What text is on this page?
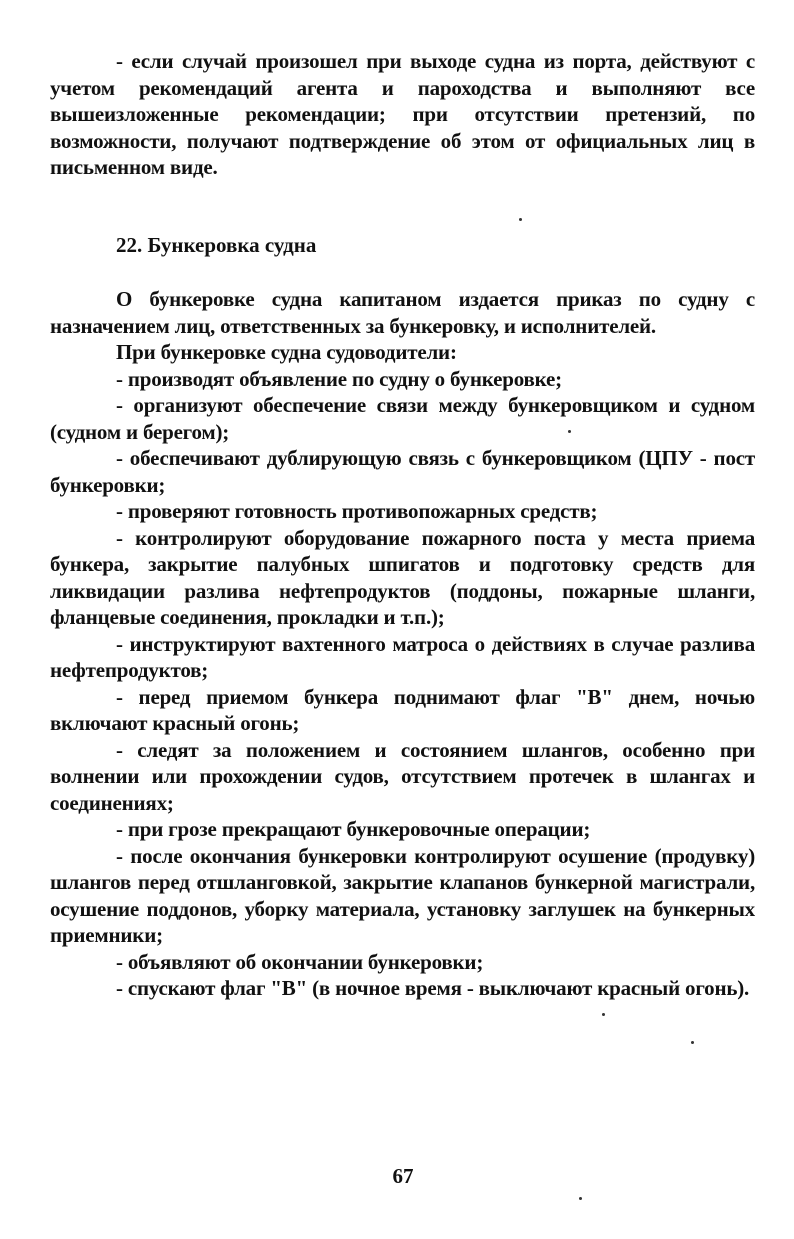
- если случай произошел при выходе судна из порта, действуют с учетом рекомендаций агента и пароходства и выполняют все вышеизложенные рекомендации; при отсутствии претензий, по возможности, получают подтверждение об этом от официальных лиц в письменном виде.

22. Бункеровка судна

О бункеровке судна капитаном издается приказ по судну с назначением лиц, ответственных за бункеровку, и исполнителей.

При бункеровке судна судоводители:

- производят объявление по судну о бункеровке;

- организуют обеспечение связи между бункеровщиком и судном (судном и берегом);

- обеспечивают дублирующую связь с бункеровщиком (ЦПУ - пост бункеровки;

- проверяют готовность противопожарных средств;

- контролируют оборудование пожарного поста у места приема бункера, закрытие палубных шпигатов и подготовку средств для ликвидации разлива нефтепродуктов (поддоны, пожарные шланги, фланцевые соединения, прокладки и т.п.);

- инструктируют вахтенного матроса о действиях в случае разлива нефтепродуктов;

- перед приемом бункера поднимают флаг "В" днем, ночью включают красный огонь;

- следят за положением и состоянием шлангов, особенно при волнении или прохождении судов, отсутствием протечек в шлангах и соединениях;

- при грозе прекращают бункеровочные операции;

- после окончания бункеровки контролируют осушение (продувку) шлангов перед отшланговкой, закрытие клапанов бункерной магистрали, осушение поддонов, уборку материала, установку заглушек на бункерных приемники;

- объявляют об окончании бункеровки;

- спускают флаг "В" (в ночное время - выключают красный огонь).

67
